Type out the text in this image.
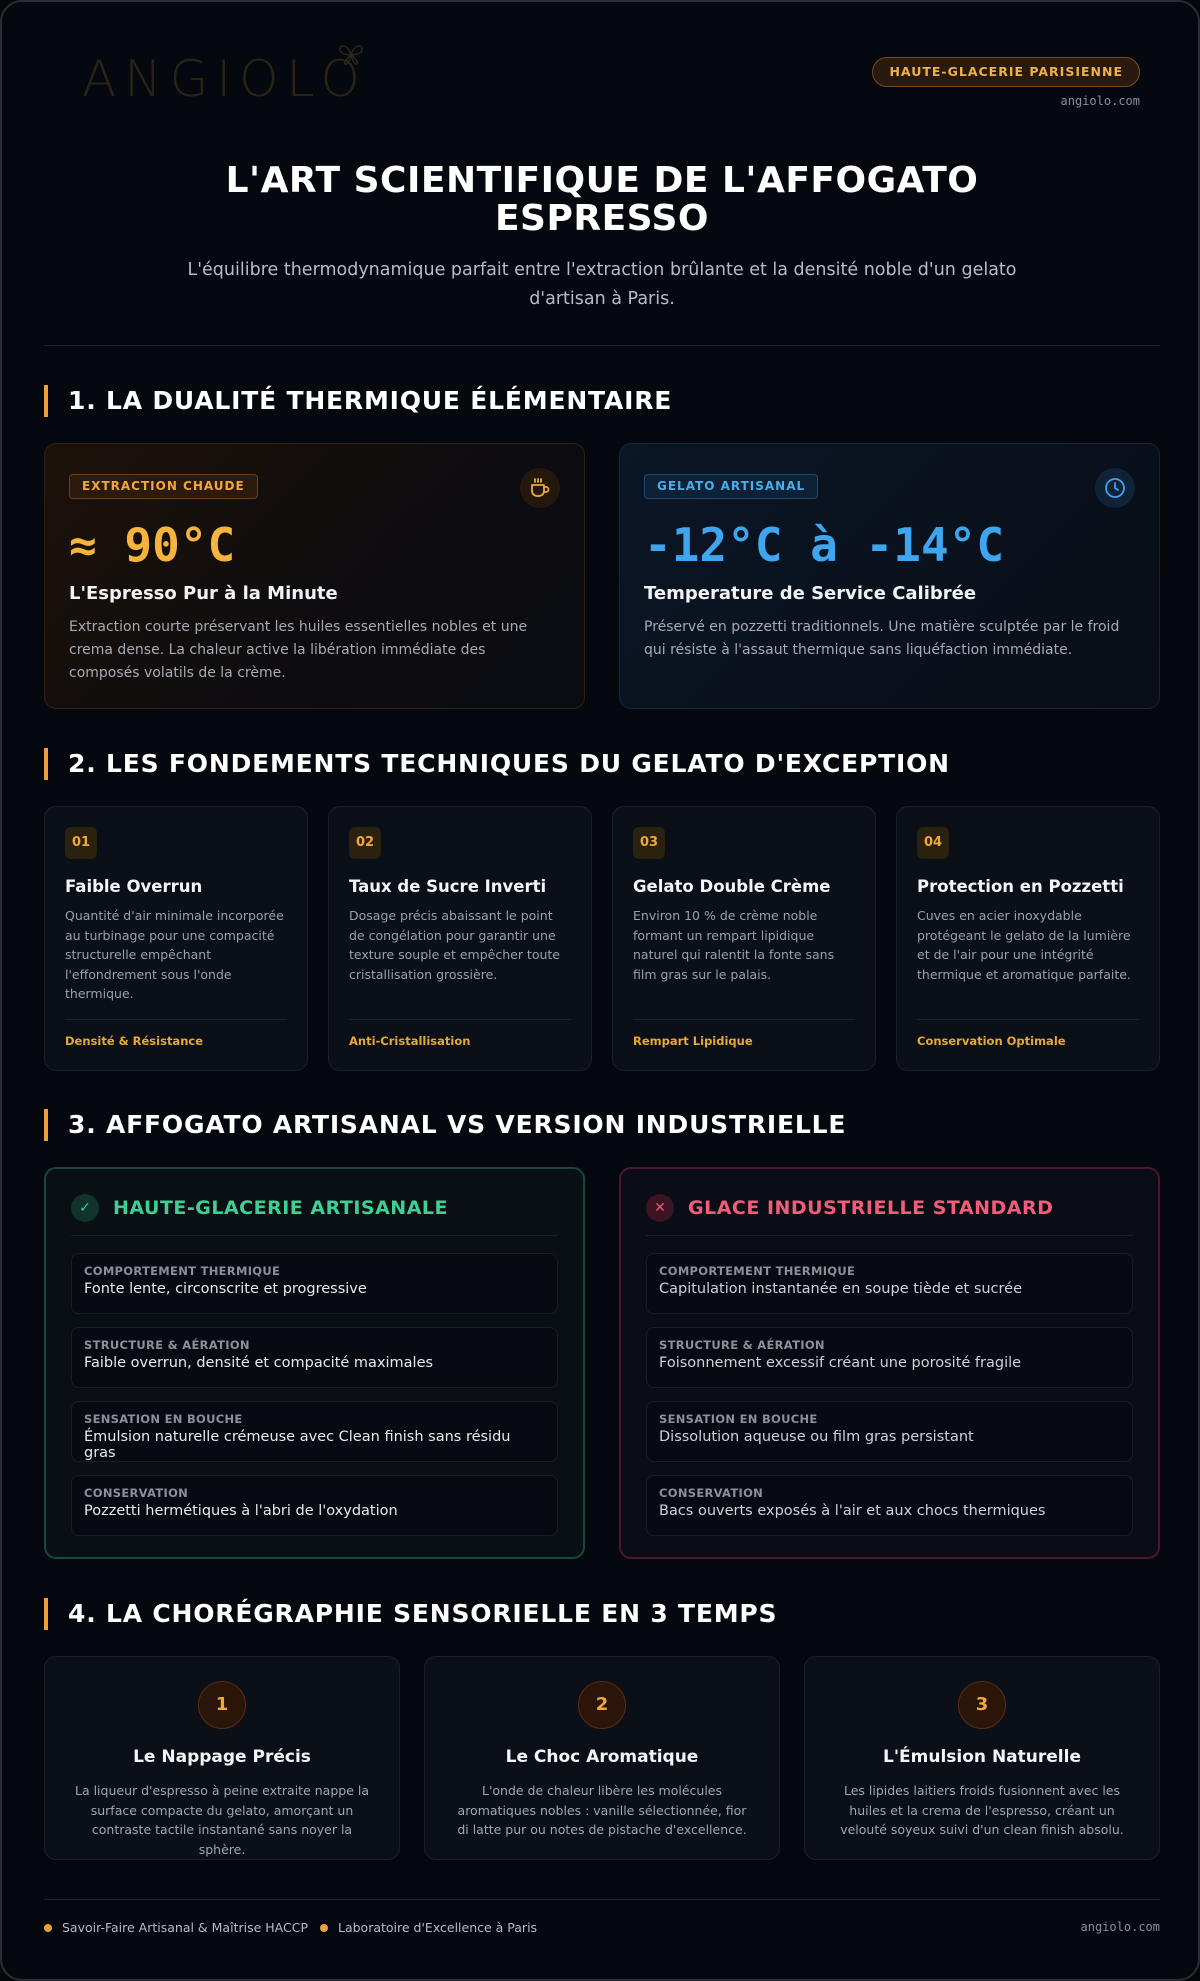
ANGIOLO	HAUTE-GLACERIE PARISIENNE
angiolo.com
L'ART SCIENTIFIQUE DE L'AFFOGATO ESPRESSO
L'équilibre thermodynamique parfait entre l'extraction brûlante et la densité noble d'un gelato d'artisan à Paris.
1. LA DUALITÉ THERMIQUE ÉLÉMENTAIRE
EXTRACTION CHAUDE
≈ 90°C
L'Espresso Pur à la Minute
Extraction courte préservant les huiles essentielles nobles et une crema dense. La chaleur active la libération immédiate des composés volatils de la crème.
GELATO ARTISANAL
-12°C à -14°C
Temperature de Service Calibrée
Préservé en pozzetti traditionnels. Une matière sculptée par le froid qui résiste à l'assaut thermique sans liquéfaction immédiate.
2. LES FONDEMENTS TECHNIQUES DU GELATO D'EXCEPTION
01
Faible Overrun
Quantité d'air minimale incorporée au turbinage pour une compacité structurelle empêchant l'effondrement sous l'onde thermique.
Densité & Résistance
02
Taux de Sucre Inverti
Dosage précis abaissant le point de congélation pour garantir une texture souple et empêcher toute cristallisation grossière.
Anti-Cristallisation
03
Gelato Double Crème
Environ 10 % de crème noble formant un rempart lipidique naturel qui ralentit la fonte sans film gras sur le palais.
Rempart Lipidique
04
Protection en Pozzetti
Cuves en acier inoxydable protégeant le gelato de la lumière et de l'air pour une intégrité thermique et aromatique parfaite.
Conservation Optimale
3. AFFOGATO ARTISANAL VS VERSION INDUSTRIELLE
✓	HAUTE-GLACERIE ARTISANALE
COMPORTEMENT THERMIQUE
Fonte lente, circonscrite et progressive
STRUCTURE & AÉRATION
Faible overrun, densité et compacité maximales
SENSATION EN BOUCHE
Émulsion naturelle crémeuse avec Clean finish sans résidu gras
CONSERVATION
Pozzetti hermétiques à l'abri de l'oxydation
✕	GLACE INDUSTRIELLE STANDARD
COMPORTEMENT THERMIQUE
Capitulation instantanée en soupe tiède et sucrée
STRUCTURE & AÉRATION
Foisonnement excessif créant une porosité fragile
SENSATION EN BOUCHE
Dissolution aqueuse ou film gras persistant
CONSERVATION
Bacs ouverts exposés à l'air et aux chocs thermiques
4. LA CHORÉGRAPHIE SENSORIELLE EN 3 TEMPS
1
Le Nappage Précis
La liqueur d'espresso à peine extraite nappe la surface compacte du gelato, amorçant un contraste tactile instantané sans noyer la sphère.
2
Le Choc Aromatique
L'onde de chaleur libère les molécules aromatiques nobles : vanille sélectionnée, fior di latte pur ou notes de pistache d'excellence.
3
L'Émulsion Naturelle
Les lipides laitiers froids fusionnent avec les huiles et la crema de l'espresso, créant un velouté soyeux suivi d'un clean finish absolu.
Savoir-Faire Artisanal & Maîtrise HACCP Laboratoire d'Excellence à Paris	angiolo.com
